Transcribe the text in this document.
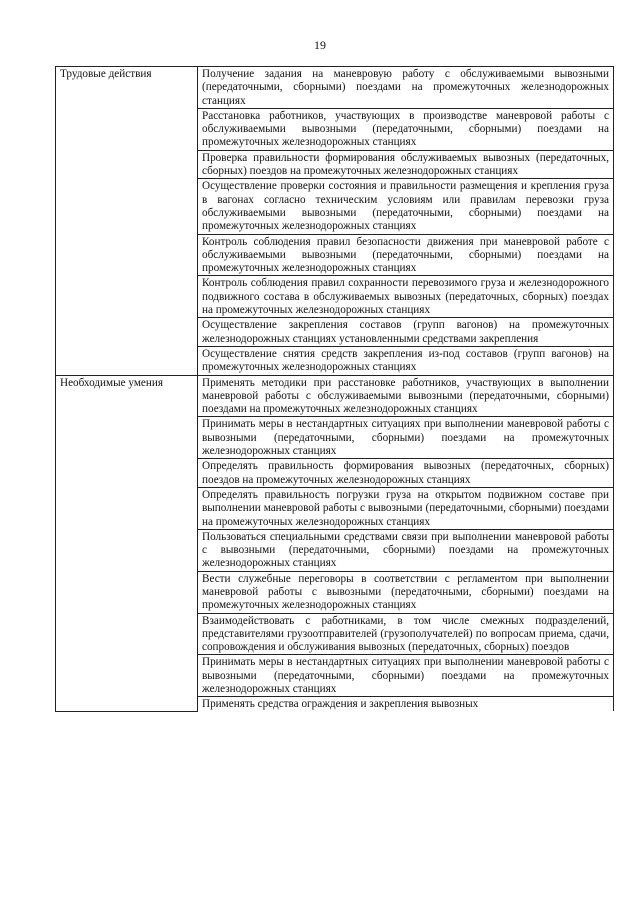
19
Трудовые действия	Получение задания на маневровую работу с обслуживаемыми вывозными (передаточными, сборными) поездами на промежуточных железнодорожных станциях
	Расстановка работников, участвующих в производстве маневровой работы с обслуживаемыми вывозными (передаточными, сборными) поездами на промежуточных железнодорожных станциях
	Проверка правильности формирования обслуживаемых вывозных (передаточных, сборных) поездов на промежуточных железнодорожных станциях
	Осуществление проверки состояния и правильности размещения и крепления груза в вагонах согласно техническим условиям или правилам перевозки груза обслуживаемыми вывозными (передаточными, сборными) поездами на промежуточных железнодорожных станциях
	Контроль соблюдения правил безопасности движения при маневровой работе с обслуживаемыми вывозными (передаточными, сборными) поездами на промежуточных железнодорожных станциях
	Контроль соблюдения правил сохранности перевозимого груза и железнодорожного подвижного состава в обслуживаемых вывозных (передаточных, сборных) поездах на промежуточных железнодорожных станциях
	Осуществление закрепления составов (групп вагонов) на промежуточных железнодорожных станциях установленными средствами закрепления
	Осуществление снятия средств закрепления из-под составов (групп вагонов) на промежуточных железнодорожных станциях
Необходимые умения	Применять методики при расстановке работников, участвующих в выполнении маневровой работы с обслуживаемыми вывозными (передаточными, сборными) поездами на промежуточных железнодорожных станциях
	Принимать меры в нестандартных ситуациях при выполнении маневровой работы с вывозными (передаточными, сборными) поездами на промежуточных железнодорожных станциях
	Определять правильность формирования вывозных (передаточных, сборных) поездов на промежуточных железнодорожных станциях
	Определять правильность погрузки груза на открытом подвижном составе при выполнении маневровой работы с вывозными (передаточными, сборными) поездами на промежуточных железнодорожных станциях
	Пользоваться специальными средствами связи при выполнении маневровой работы с вывозными (передаточными, сборными) поездами на промежуточных железнодорожных станциях
	Вести служебные переговоры в соответствии с регламентом при выполнении маневровой работы с вывозными (передаточными, сборными) поездами на промежуточных железнодорожных станциях
	Взаимодействовать с работниками, в том числе смежных подразделений, представителями грузоотправителей (грузополучателей) по вопросам приема, сдачи, сопровождения и обслуживания вывозных (передаточных, сборных) поездов
	Принимать меры в нестандартных ситуациях при выполнении маневровой работы с вывозными (передаточными, сборными) поездами на промежуточных железнодорожных станциях

	Применять средства ограждения и закрепления вывозных
